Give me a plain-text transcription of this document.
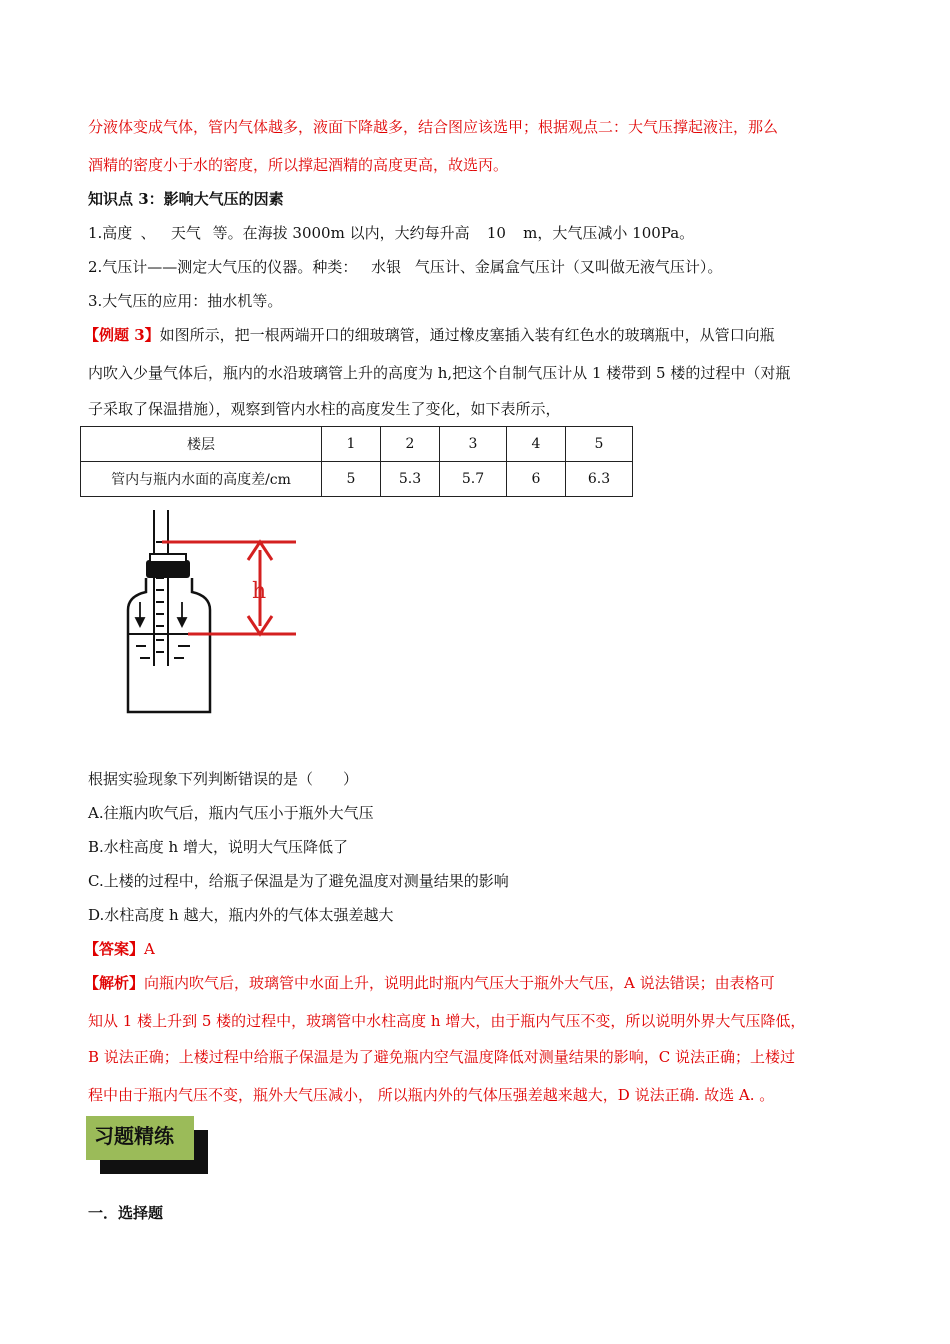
分液体变成气体，管内气体越多，液面下降越多，结合图应该选甲；根据观点二：大气压撑起液注，那么
酒精的密度小于水的密度，所以撑起酒精的高度更高，故选丙。
知识点 3：影响大气压的因素
1.高度 、 天气 等。在海拔 3000m 以内，大约每升高 10 m，大气压减小 100Pa。
2.气压计——测定大气压的仪器。种类： 水银 气压计、金属盒气压计（又叫做无液气压计）。
3.大气压的应用：抽水机等。
【例题 3】如图所示，把一根两端开口的细玻璃管，通过橡皮塞插入装有红色水的玻璃瓶中，从管口向瓶
内吹入少量气体后，瓶内的水沿玻璃管上升的高度为 h,把这个自制气压计从 1 楼带到 5 楼的过程中（对瓶
子采取了保温措施），观察到管内水柱的高度发生了变化，如下表所示，
楼层	1	2	3	4	5
管内与瓶内水面的高度差/cm	5	5.3	5.7	6	6.3
h
根据实验现象下列判断错误的是（　　）
A.往瓶内吹气后，瓶内气压小于瓶外大气压
B.水柱高度 h 增大，说明大气压降低了
C.上楼的过程中，给瓶子保温是为了避免温度对测量结果的影响
D.水柱高度 h 越大，瓶内外的气体太强差越大
【答案】A
【解析】向瓶内吹气后，玻璃管中水面上升，说明此时瓶内气压大于瓶外大气压，A 说法错误；由表格可
知从 1 楼上升到 5 楼的过程中，玻璃管中水柱高度 h 增大，由于瓶内气压不变，所以说明外界大气压降低，
B 说法正确；上楼过程中给瓶子保温是为了避免瓶内空气温度降低对测量结果的影响，C 说法正确；上楼过
程中由于瓶内气压不变，瓶外大气压减小， 所以瓶内外的气体压强差越来越大，D 说法正确. 故选 A. 。
习题精练
一．选择题
